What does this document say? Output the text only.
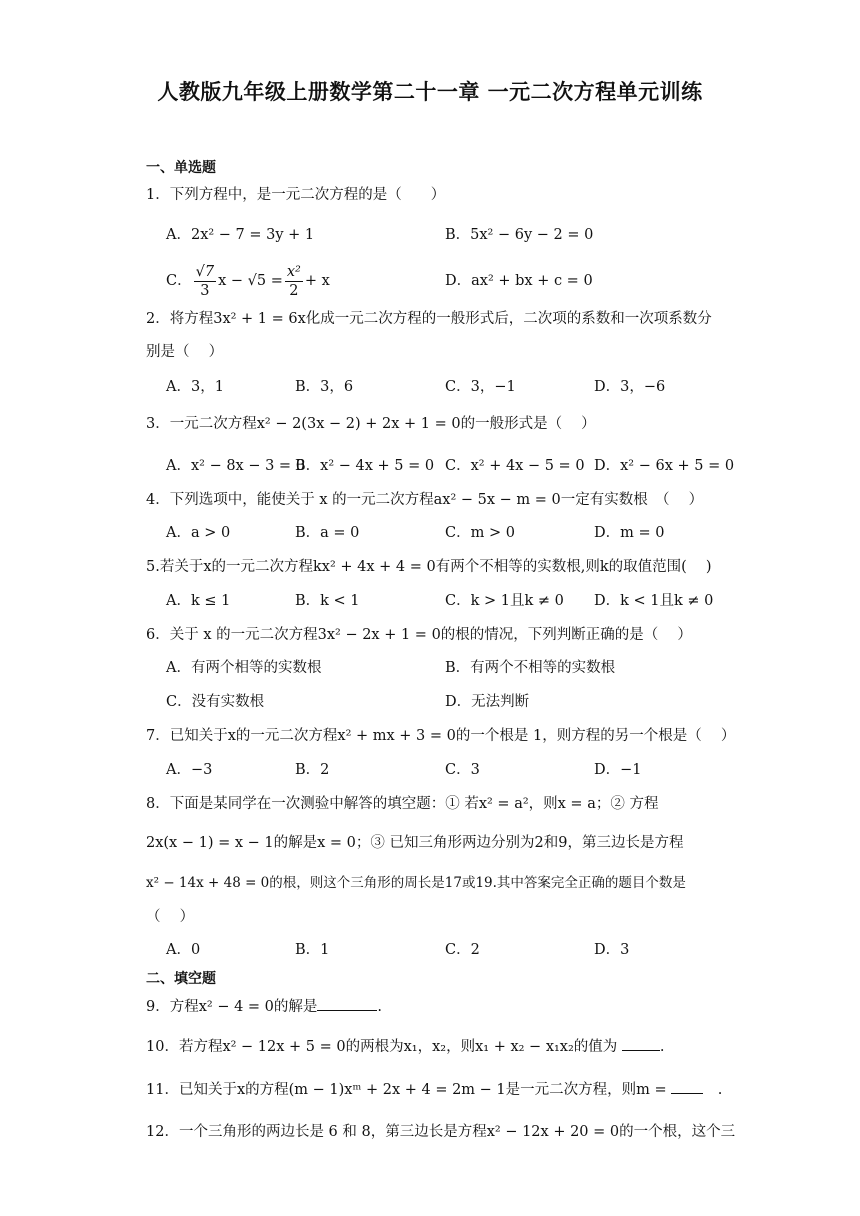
人教版九年级上册数学第二十一章 一元二次方程单元训练
一、单选题
1．下列方程中，是一元二次方程的是（　　）
A．2x² − 7 = 3y + 1	B．5x² − 6y − 2 = 0
C． $\frac{√7}{3}$ $x - √5 = \frac{\text{x²}}{2} + x$	D．ax² + bx + c = 0
2．将方程3x² + 1 = 6x化成一元二次方程的一般形式后，二次项的系数和一次项系数分
别是（　 ）
A．3，1	B．3，6	C．3，−1	D．3，−6
3．一元二次方程x² − 2(3x − 2) + 2x + 1 = 0的一般形式是（　 ）
A．x² − 8x − 3 = 0
B．x² − 4x + 5 = 0 C．x² + 4x − 5 = 0 D．x² − 6x + 5 = 0
4．下列选项中，能使关于 x 的一元二次方程ax² − 5x − m = 0一定有实数根　（　 ）
A．a > 0	B．a = 0	C．m > 0	D．m = 0
5.若关于x的一元二次方程kx² + 4x + 4 = 0有两个不相等的实数根,则k的取值范围(　 )
A．k ≤ 1	B．k < 1	C．k > 1且k ≠ 0 D．k < 1且k ≠ 0
6．关于 x 的一元二次方程3x² − 2x + 1 = 0的根的情况，下列判断正确的是（　 ）
A．有两个相等的实数根	B．有两个不相等的实数根
C．没有实数根	D．无法判断
7．已知关于x的一元二次方程x² + mx + 3 = 0的一个根是 1，则方程的另一个根是（　 ）
A．−3	B．2	C．3	D．−1
8．下面是某同学在一次测验中解答的填空题：① 若x² = a²，则x = a；② 方程
2x(x − 1) = x − 1的解是x = 0；③ 已知三角形两边分别为2和9，第三边长是方程
x² − 14x + 48 = 0的根，则这个三角形的周长是17或19.其中答案完全正确的题目个数是
（　 ）
A．0	B．1	C．2	D．3
二、填空题
9．方程x² − 4 = 0的解是	.
10．若方程x² − 12x + 5 = 0的两根为x₁，x₂，则x₁ + x₂ − x₁x₂的值为	.
11．已知关于x的方程(m − 1)xᵐ + 2x + 4 = 2m − 1是一元二次方程，则m = 　.
12．一个三角形的两边长是 6 和 8，第三边长是方程x² − 12x + 20 = 0的一个根，这个三
